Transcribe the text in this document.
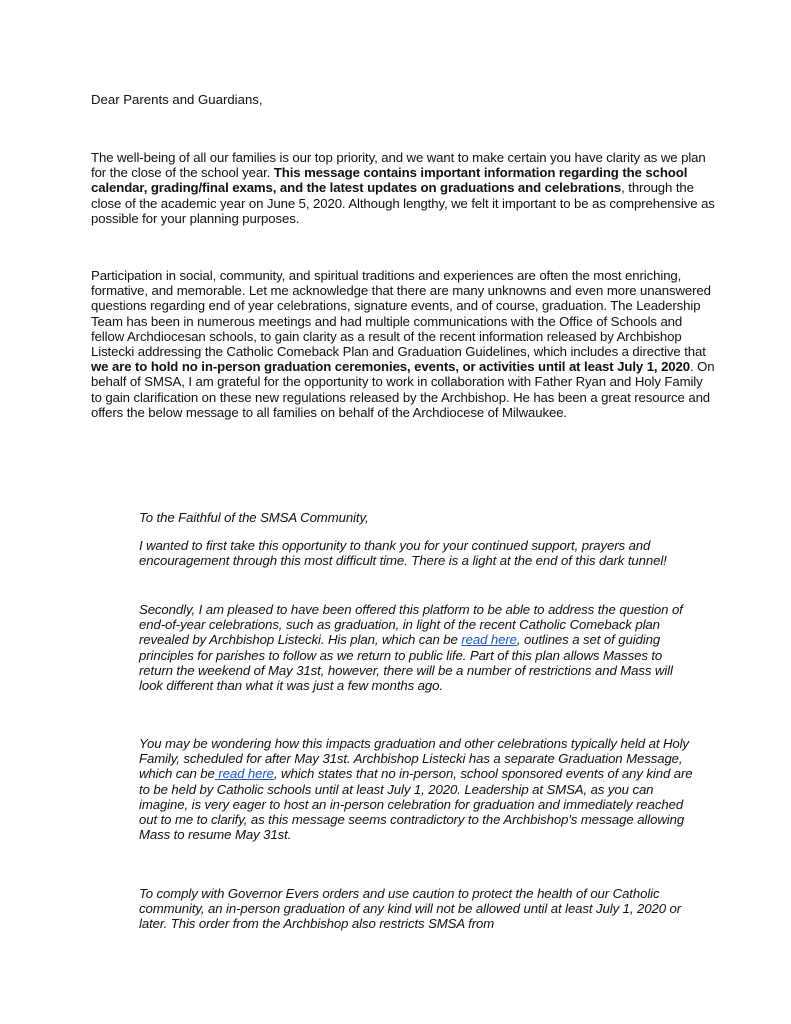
Dear Parents and Guardians,

The well-being of all our families is our top priority, and we want to make certain you have clarity as we plan for the close of the school year. This message contains important information regarding the school calendar, grading/final exams, and the latest updates on graduations and celebrations, through the close of the academic year on June 5, 2020. Although lengthy, we felt it important to be as comprehensive as possible for your planning purposes.

Participation in social, community, and spiritual traditions and experiences are often the most enriching, formative, and memorable. Let me acknowledge that there are many unknowns and even more unanswered questions regarding end of year celebrations, signature events, and of course, graduation. The Leadership Team has been in numerous meetings and had multiple communications with the Office of Schools and fellow Archdiocesan schools, to gain clarity as a result of the recent information released by Archbishop Listecki addressing the Catholic Comeback Plan and Graduation Guidelines, which includes a directive that we are to hold no in-person graduation ceremonies, events, or activities until at least July 1, 2020. On behalf of SMSA, I am grateful for the opportunity to work in collaboration with Father Ryan and Holy Family to gain clarification on these new regulations released by the Archbishop. He has been a great resource and offers the below message to all families on behalf of the Archdiocese of Milwaukee.

To the Faithful of the SMSA Community,

I wanted to first take this opportunity to thank you for your continued support, prayers and encouragement through this most difficult time. There is a light at the end of this dark tunnel!

Secondly, I am pleased to have been offered this platform to be able to address the question of end-of-year celebrations, such as graduation, in light of the recent Catholic Comeback plan revealed by Archbishop Listecki. His plan, which can be read here, outlines a set of guiding principles for parishes to follow as we return to public life. Part of this plan allows Masses to return the weekend of May 31st, however, there will be a number of restrictions and Mass will look different than what it was just a few months ago.

You may be wondering how this impacts graduation and other celebrations typically held at Holy Family, scheduled for after May 31st. Archbishop Listecki has a separate Graduation Message, which can be read here, which states that no in-person, school sponsored events of any kind are to be held by Catholic schools until at least July 1, 2020. Leadership at SMSA, as you can imagine, is very eager to host an in-person celebration for graduation and immediately reached out to me to clarify, as this message seems contradictory to the Archbishop's message allowing Mass to resume May 31st.

To comply with Governor Evers orders and use caution to protect the health of our Catholic community, an in-person graduation of any kind will not be allowed until at least July 1, 2020 or later. This order from the Archbishop also restricts SMSA from
